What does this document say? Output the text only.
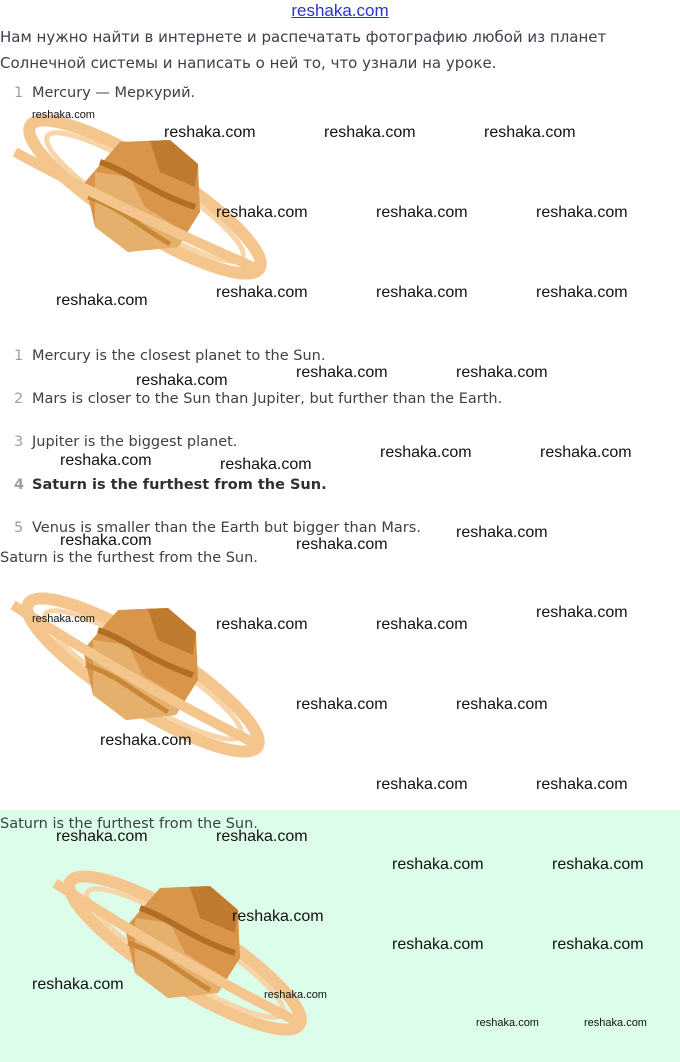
reshaka.com
Нам нужно найти в интернете и распечатать фотографию любой из планет Солнечной системы и написать о ней то, что узнали на уроке.
1 Mercury — Меркурий.
1 Mercury is the closest planet to the Sun.
2 Mars is closer to the Sun than Jupiter, but further than the Earth.
3 Jupiter is the biggest planet.
4 Saturn is the furthest from the Sun.
5 Venus is smaller than the Earth but bigger than Mars.
Saturn is the furthest from the Sun.
Saturn is the furthest from the Sun.
reshaka.com
reshaka.com	reshaka.com	reshaka.com
reshaka.com	reshaka.com	reshaka.com
reshaka.com	reshaka.com	reshaka.com	reshaka.com
reshaka.com	reshaka.com	reshaka.com
reshaka.com	reshaka.com
reshaka.com	reshaka.com
reshaka.com	reshaka.com
reshaka.com
reshaka.com	reshaka.com	reshaka.com
reshaka.com
reshaka.com	reshaka.com
reshaka.com
reshaka.com	reshaka.com
reshaka.com	reshaka.com
reshaka.com	reshaka.com
reshaka.com
reshaka.com	reshaka.com
reshaka.com
reshaka.com
reshaka.com	reshaka.com
